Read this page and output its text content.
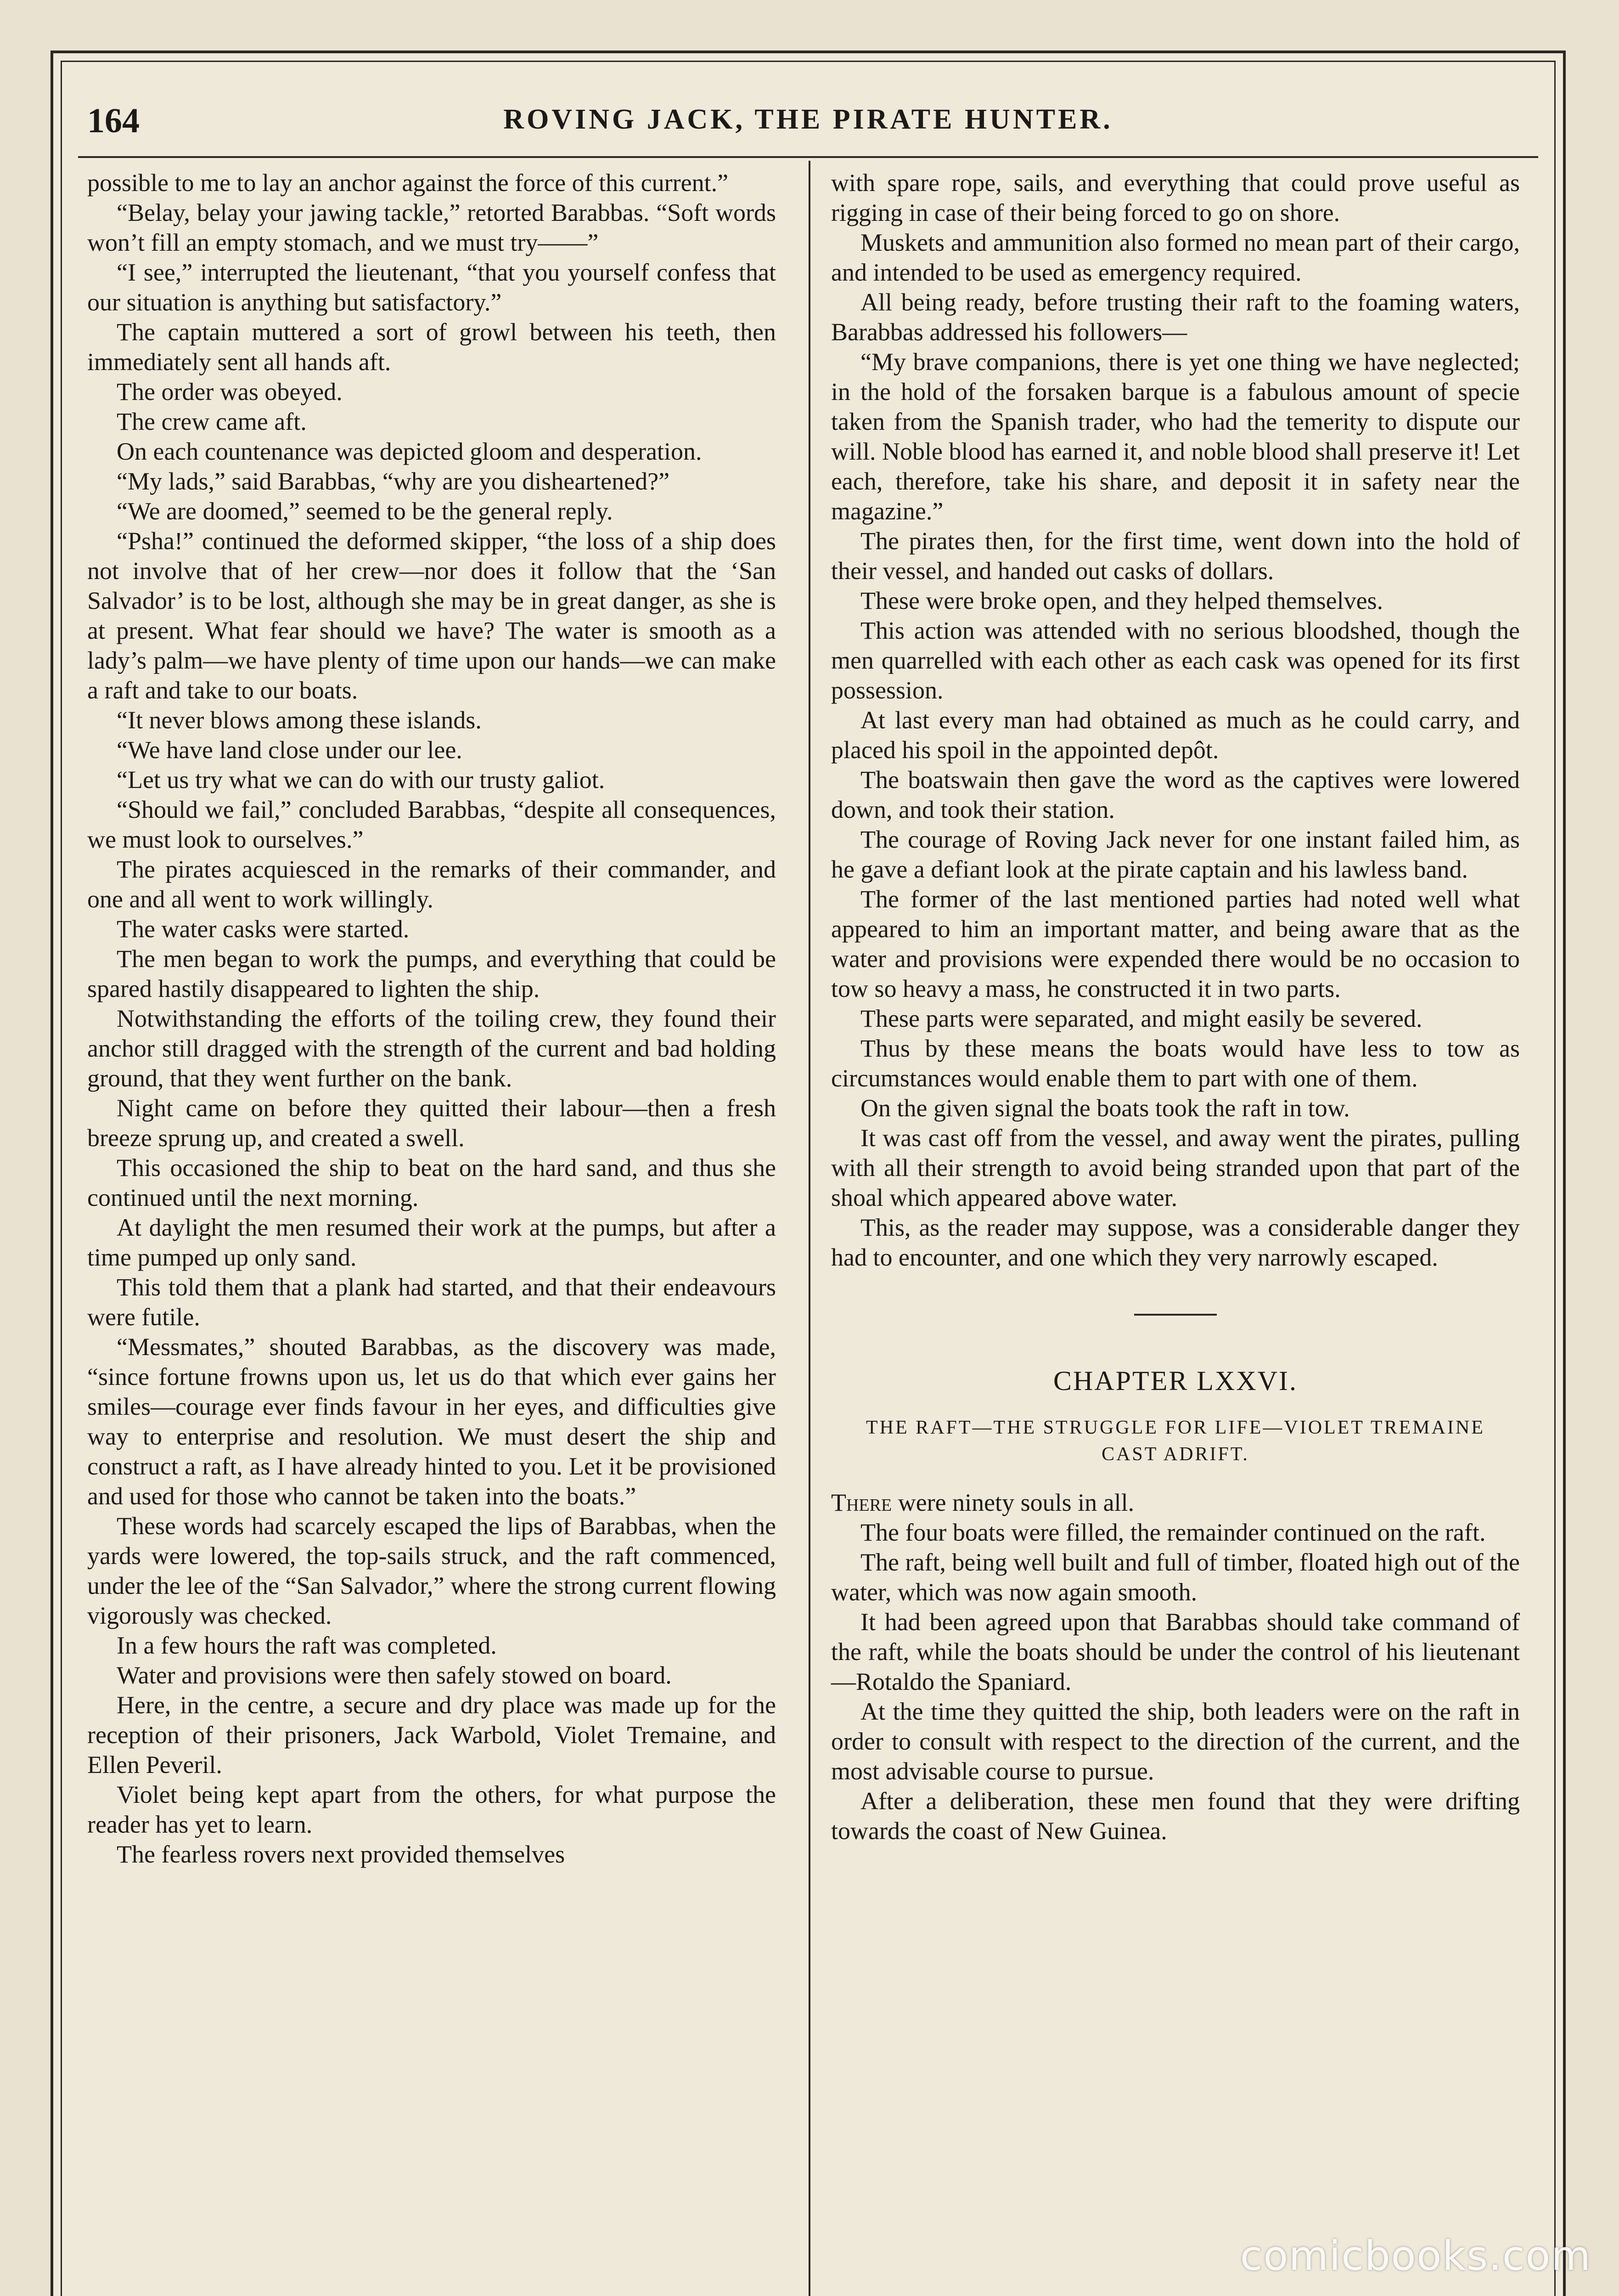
164	ROVING JACK, THE PIRATE HUNTER.

possible to me to lay an anchor against the force of this current.”

“Belay, belay your jawing tackle,” retorted Barabbas. “Soft words won’t fill an empty stomach, and we must try——”

“I see,” interrupted the lieutenant, “that you yourself confess that our situation is anything but satisfactory.”

The captain muttered a sort of growl between his teeth, then immediately sent all hands aft.

The order was obeyed.

The crew came aft.

On each countenance was depicted gloom and desperation.

“My lads,” said Barabbas, “why are you disheartened?”

“We are doomed,” seemed to be the general reply.

“Psha!” continued the deformed skipper, “the loss of a ship does not involve that of her crew—nor does it follow that the ‘San Salvador’ is to be lost, although she may be in great danger, as she is at present. What fear should we have? The water is smooth as a lady’s palm—we have plenty of time upon our hands—we can make a raft and take to our boats.

“It never blows among these islands.

“We have land close under our lee.

“Let us try what we can do with our trusty galiot.

“Should we fail,” concluded Barabbas, “despite all consequences, we must look to ourselves.”

The pirates acquiesced in the remarks of their commander, and one and all went to work willingly.

The water casks were started.

The men began to work the pumps, and everything that could be spared hastily disappeared to lighten the ship.

Notwithstanding the efforts of the toiling crew, they found their anchor still dragged with the strength of the current and bad holding ground, that they went further on the bank.

Night came on before they quitted their labour—then a fresh breeze sprung up, and created a swell.

This occasioned the ship to beat on the hard sand, and thus she continued until the next morning.

At daylight the men resumed their work at the pumps, but after a time pumped up only sand.

This told them that a plank had started, and that their endeavours were futile.

“Messmates,” shouted Barabbas, as the discovery was made, “since fortune frowns upon us, let us do that which ever gains her smiles—courage ever finds favour in her eyes, and difficulties give way to enterprise and resolution. We must desert the ship and construct a raft, as I have already hinted to you. Let it be provisioned and used for those who cannot be taken into the boats.”

These words had scarcely escaped the lips of Barabbas, when the yards were lowered, the top-sails struck, and the raft commenced, under the lee of the “San Salvador,” where the strong current flowing vigorously was checked.

In a few hours the raft was completed.

Water and provisions were then safely stowed on board.

Here, in the centre, a secure and dry place was made up for the reception of their prisoners, Jack Warbold, Violet Tremaine, and Ellen Peveril.

Violet being kept apart from the others, for what purpose the reader has yet to learn.

The fearless rovers next provided themselves

with spare rope, sails, and everything that could prove useful as rigging in case of their being forced to go on shore.

Muskets and ammunition also formed no mean part of their cargo, and intended to be used as emergency required.

All being ready, before trusting their raft to the foaming waters, Barabbas addressed his followers—

“My brave companions, there is yet one thing we have neglected; in the hold of the forsaken barque is a fabulous amount of specie taken from the Spanish trader, who had the temerity to dispute our will. Noble blood has earned it, and noble blood shall preserve it! Let each, therefore, take his share, and deposit it in safety near the magazine.”

The pirates then, for the first time, went down into the hold of their vessel, and handed out casks of dollars.

These were broke open, and they helped themselves.

This action was attended with no serious bloodshed, though the men quarrelled with each other as each cask was opened for its first possession.

At last every man had obtained as much as he could carry, and placed his spoil in the appointed depôt.

The boatswain then gave the word as the captives were lowered down, and took their station.

The courage of Roving Jack never for one instant failed him, as he gave a defiant look at the pirate captain and his lawless band.

The former of the last mentioned parties had noted well what appeared to him an important matter, and being aware that as the water and provisions were expended there would be no occasion to tow so heavy a mass, he constructed it in two parts.

These parts were separated, and might easily be severed.

Thus by these means the boats would have less to tow as circumstances would enable them to part with one of them.

On the given signal the boats took the raft in tow.

It was cast off from the vessel, and away went the pirates, pulling with all their strength to avoid being stranded upon that part of the shoal which appeared above water.

This, as the reader may suppose, was a considerable danger they had to encounter, and one which they very narrowly escaped.

CHAPTER LXXVI.
THE RAFT—THE STRUGGLE FOR LIFE—VIOLET TREMAINE CAST ADRIFT.

There were ninety souls in all.

The four boats were filled, the remainder continued on the raft.

The raft, being well built and full of timber, floated high out of the water, which was now again smooth.

It had been agreed upon that Barabbas should take command of the raft, while the boats should be under the control of his lieutenant—Rotaldo the Spaniard.

At the time they quitted the ship, both leaders were on the raft in order to consult with respect to the direction of the current, and the most advisable course to pursue.

After a deliberation, these men found that they were drifting towards the coast of New Guinea.

comicbooks.com
